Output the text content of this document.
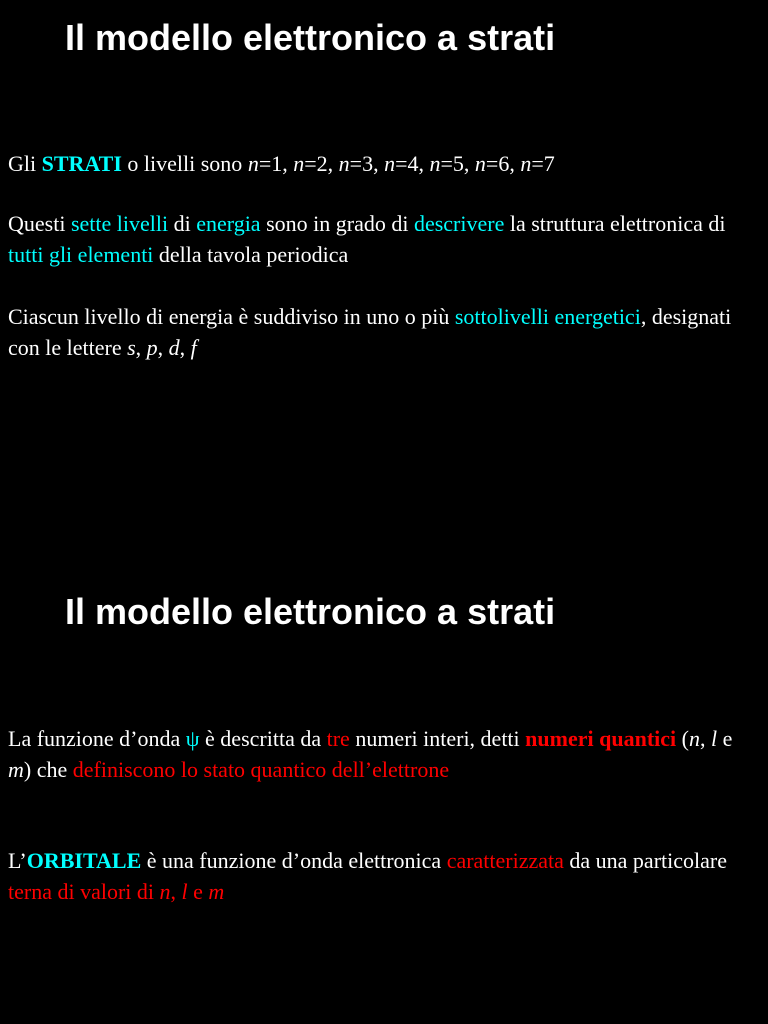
Il modello elettronico a strati

Gli STRATI o livelli sono n=1, n=2, n=3, n=4, n=5, n=6, n=7

Questi sette livelli di energia sono in grado di descrivere la struttura elettronica di tutti gli elementi della tavola periodica

Ciascun livello di energia è suddiviso in uno o più sottolivelli energetici, designati con le lettere s, p, d, f

Il modello elettronico a strati

La funzione d’onda ψ è descritta da tre numeri interi, detti numeri quantici (n, l e m) che definiscono lo stato quantico dell’elettrone

L’ORBITALE è una funzione d’onda elettronica caratterizzata da una particolare terna di valori di n, l e m
